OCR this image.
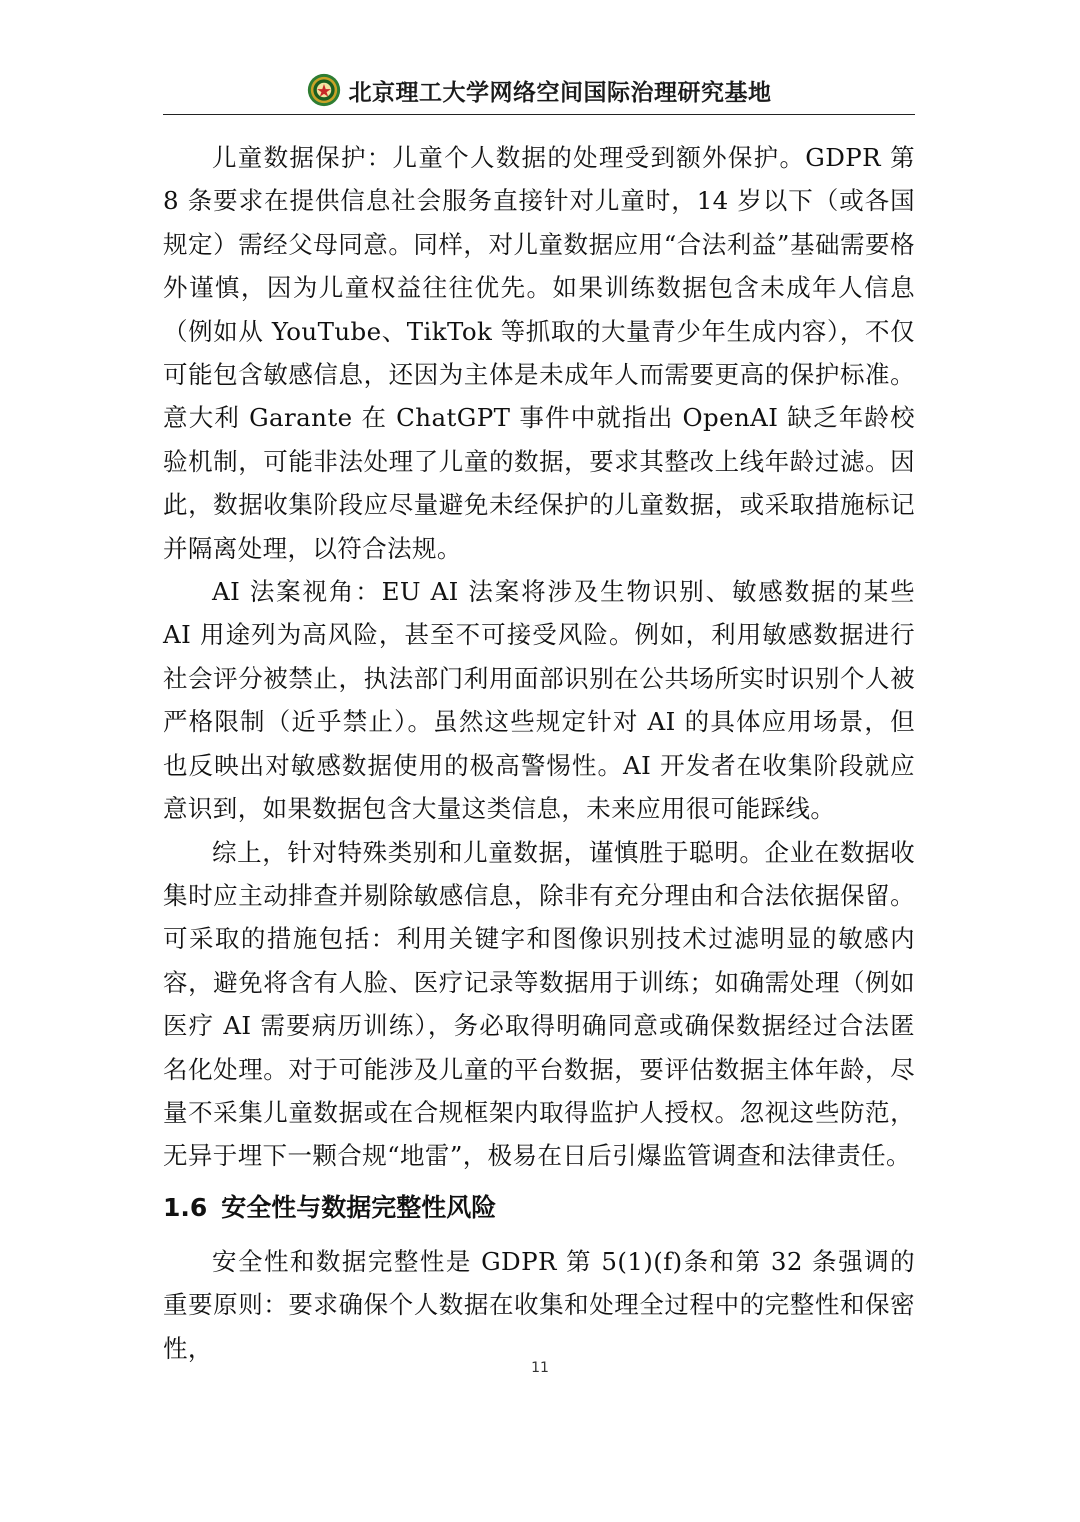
北京理工大学网络空间国际治理研究基地

儿童数据保护：儿童个人数据的处理受到额外保护。GDPR 第 8 条要求在提供信息社会服务直接针对儿童时，14 岁以下（或各国规定）需经父母同意。同样，对儿童数据应用“合法利益”基础需要格外谨慎，因为儿童权益往往优先。如果训练数据包含未成年人信息（例如从 YouTube、TikTok 等抓取的大量青少年生成内容），不仅可能包含敏感信息，还因为主体是未成年人而需要更高的保护标准。意大利 Garante 在 ChatGPT 事件中就指出 OpenAI 缺乏年龄校验机制，可能非法处理了儿童的数据，要求其整改上线年龄过滤。因此，数据收集阶段应尽量避免未经保护的儿童数据，或采取措施标记并隔离处理，以符合法规。

AI 法案视角：EU AI 法案将涉及生物识别、敏感数据的某些 AI 用途列为高风险，甚至不可接受风险。例如，利用敏感数据进行社会评分被禁止，执法部门利用面部识别在公共场所实时识别个人被严格限制（近乎禁止）。虽然这些规定针对 AI 的具体应用场景，但也反映出对敏感数据使用的极高警惕性。AI 开发者在收集阶段就应意识到，如果数据包含大量这类信息，未来应用很可能踩线。

综上，针对特殊类别和儿童数据，谨慎胜于聪明。企业在数据收集时应主动排查并剔除敏感信息，除非有充分理由和合法依据保留。可采取的措施包括：利用关键字和图像识别技术过滤明显的敏感内容，避免将含有人脸、医疗记录等数据用于训练；如确需处理（例如医疗 AI 需要病历训练），务必取得明确同意或确保数据经过合法匿名化处理。对于可能涉及儿童的平台数据，要评估数据主体年龄，尽量不采集儿童数据或在合规框架内取得监护人授权。忽视这些防范，无异于埋下一颗合规“地雷”，极易在日后引爆监管调查和法律责任。

1.6 安全性与数据完整性风险

安全性和数据完整性是 GDPR 第 5(1)(f)条和第 32 条强调的重要原则：要求确保个人数据在收集和处理全过程中的完整性和保密性，

11
